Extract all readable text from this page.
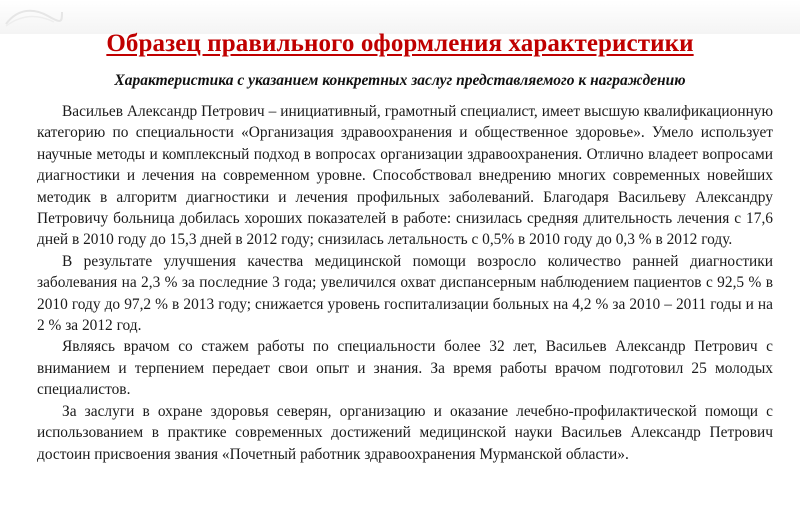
Образец правильного оформления характеристики
Характеристика с указанием конкретных заслуг представляемого к награждению

Васильев Александр Петрович – инициативный, грамотный специалист, имеет высшую квалификационную категорию по специальности «Организация здравоохранения и общественное здоровье». Умело использует научные методы и комплексный подход в вопросах организации здравоохранения. Отлично владеет вопросами диагностики и лечения на современном уровне. Способствовал внедрению многих современных новейших методик в алгоритм диагностики и лечения профильных заболеваний. Благодаря Васильеву Александру Петровичу больница добилась хороших показателей в работе: снизилась средняя длительность лечения с 17,6 дней в 2010 году до 15,3 дней в 2012 году; снизилась летальность с 0,5% в 2010 году до 0,3 % в 2012 году.

В результате улучшения качества медицинской помощи возросло количество ранней диагностики заболевания на 2,3 % за последние 3 года; увеличился охват диспансерным наблюдением пациентов с 92,5 % в 2010 году до 97,2 % в 2013 году; снижается уровень госпитализации больных на 4,2 % за 2010 – 2011 годы и на 2 % за 2012 год.

Являясь врачом со стажем работы по специальности более 32 лет, Васильев Александр Петрович с вниманием и терпением передает свои опыт и знания. За время работы врачом подготовил 25 молодых специалистов.

За заслуги в охране здоровья северян, организацию и оказание лечебно-профилактической помощи с использованием в практике современных достижений медицинской науки Васильев Александр Петрович достоин присвоения звания «Почетный работник здравоохранения Мурманской области».
